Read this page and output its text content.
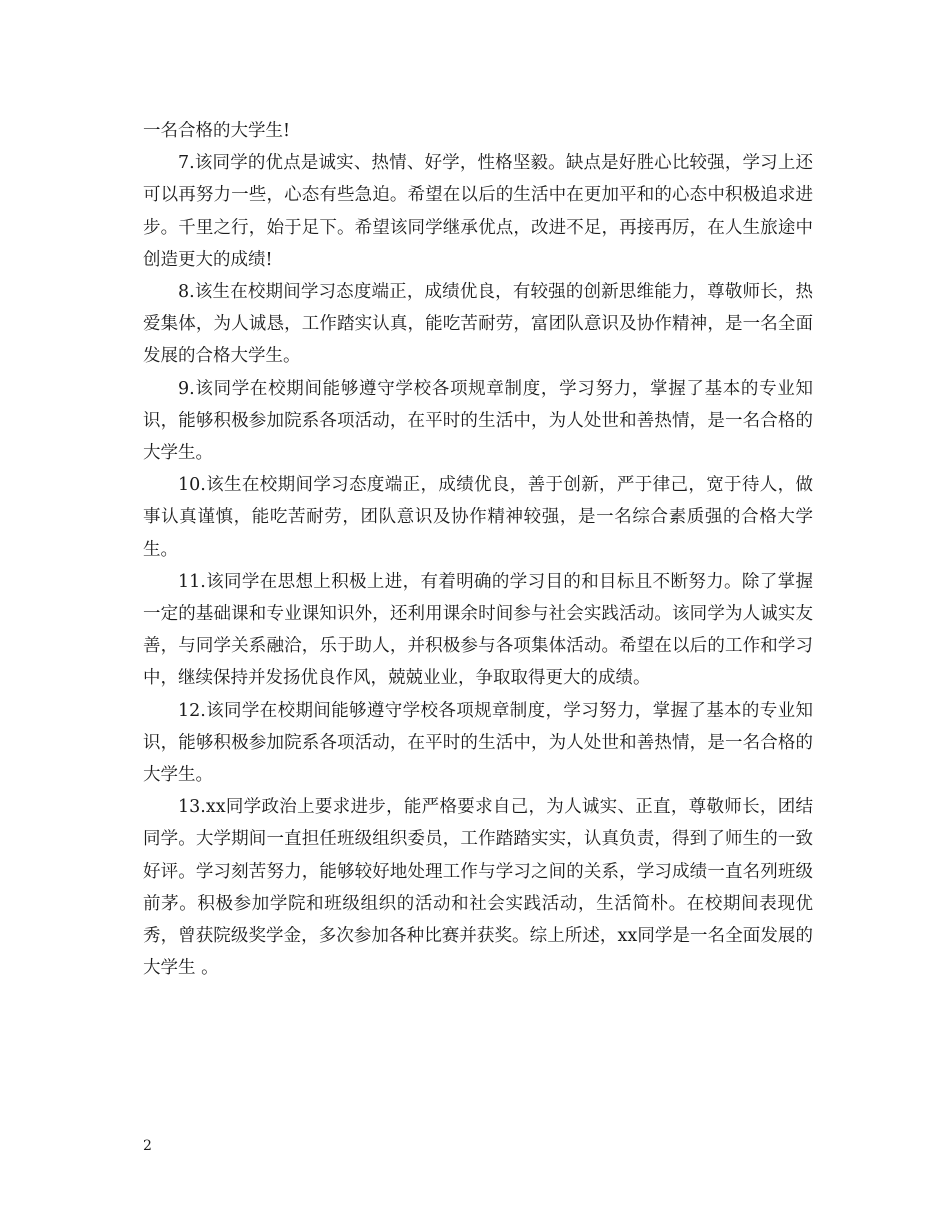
一名合格的大学生!

7.该同学的优点是诚实、热情、好学，性格坚毅。缺点是好胜心比较强，学习上还可以再努力一些，心态有些急迫。希望在以后的生活中在更加平和的心态中积极追求进步。千里之行，始于足下。希望该同学继承优点，改进不足，再接再厉，在人生旅途中创造更大的成绩!

8.该生在校期间学习态度端正，成绩优良，有较强的创新思维能力，尊敬师长，热爱集体，为人诚恳，工作踏实认真，能吃苦耐劳，富团队意识及协作精神，是一名全面发展的合格大学生。

9.该同学在校期间能够遵守学校各项规章制度，学习努力，掌握了基本的专业知识，能够积极参加院系各项活动，在平时的生活中，为人处世和善热情，是一名合格的大学生。

10.该生在校期间学习态度端正，成绩优良，善于创新，严于律己，宽于待人，做事认真谨慎，能吃苦耐劳，团队意识及协作精神较强，是一名综合素质强的合格大学生。

11.该同学在思想上积极上进，有着明确的学习目的和目标且不断努力。除了掌握一定的基础课和专业课知识外，还利用课余时间参与社会实践活动。该同学为人诚实友善，与同学关系融洽，乐于助人，并积极参与各项集体活动。希望在以后的工作和学习中，继续保持并发扬优良作风，兢兢业业，争取取得更大的成绩。

12.该同学在校期间能够遵守学校各项规章制度，学习努力，掌握了基本的专业知识，能够积极参加院系各项活动，在平时的生活中，为人处世和善热情，是一名合格的大学生。

13.xx同学政治上要求进步，能严格要求自己，为人诚实、正直，尊敬师长，团结同学。大学期间一直担任班级组织委员，工作踏踏实实，认真负责，得到了师生的一致好评。学习刻苦努力，能够较好地处理工作与学习之间的关系，学习成绩一直名列班级前茅。积极参加学院和班级组织的活动和社会实践活动，生活简朴。在校期间表现优秀，曾获院级奖学金，多次参加各种比赛并获奖。综上所述，xx同学是一名全面发展的大学生 。

2
